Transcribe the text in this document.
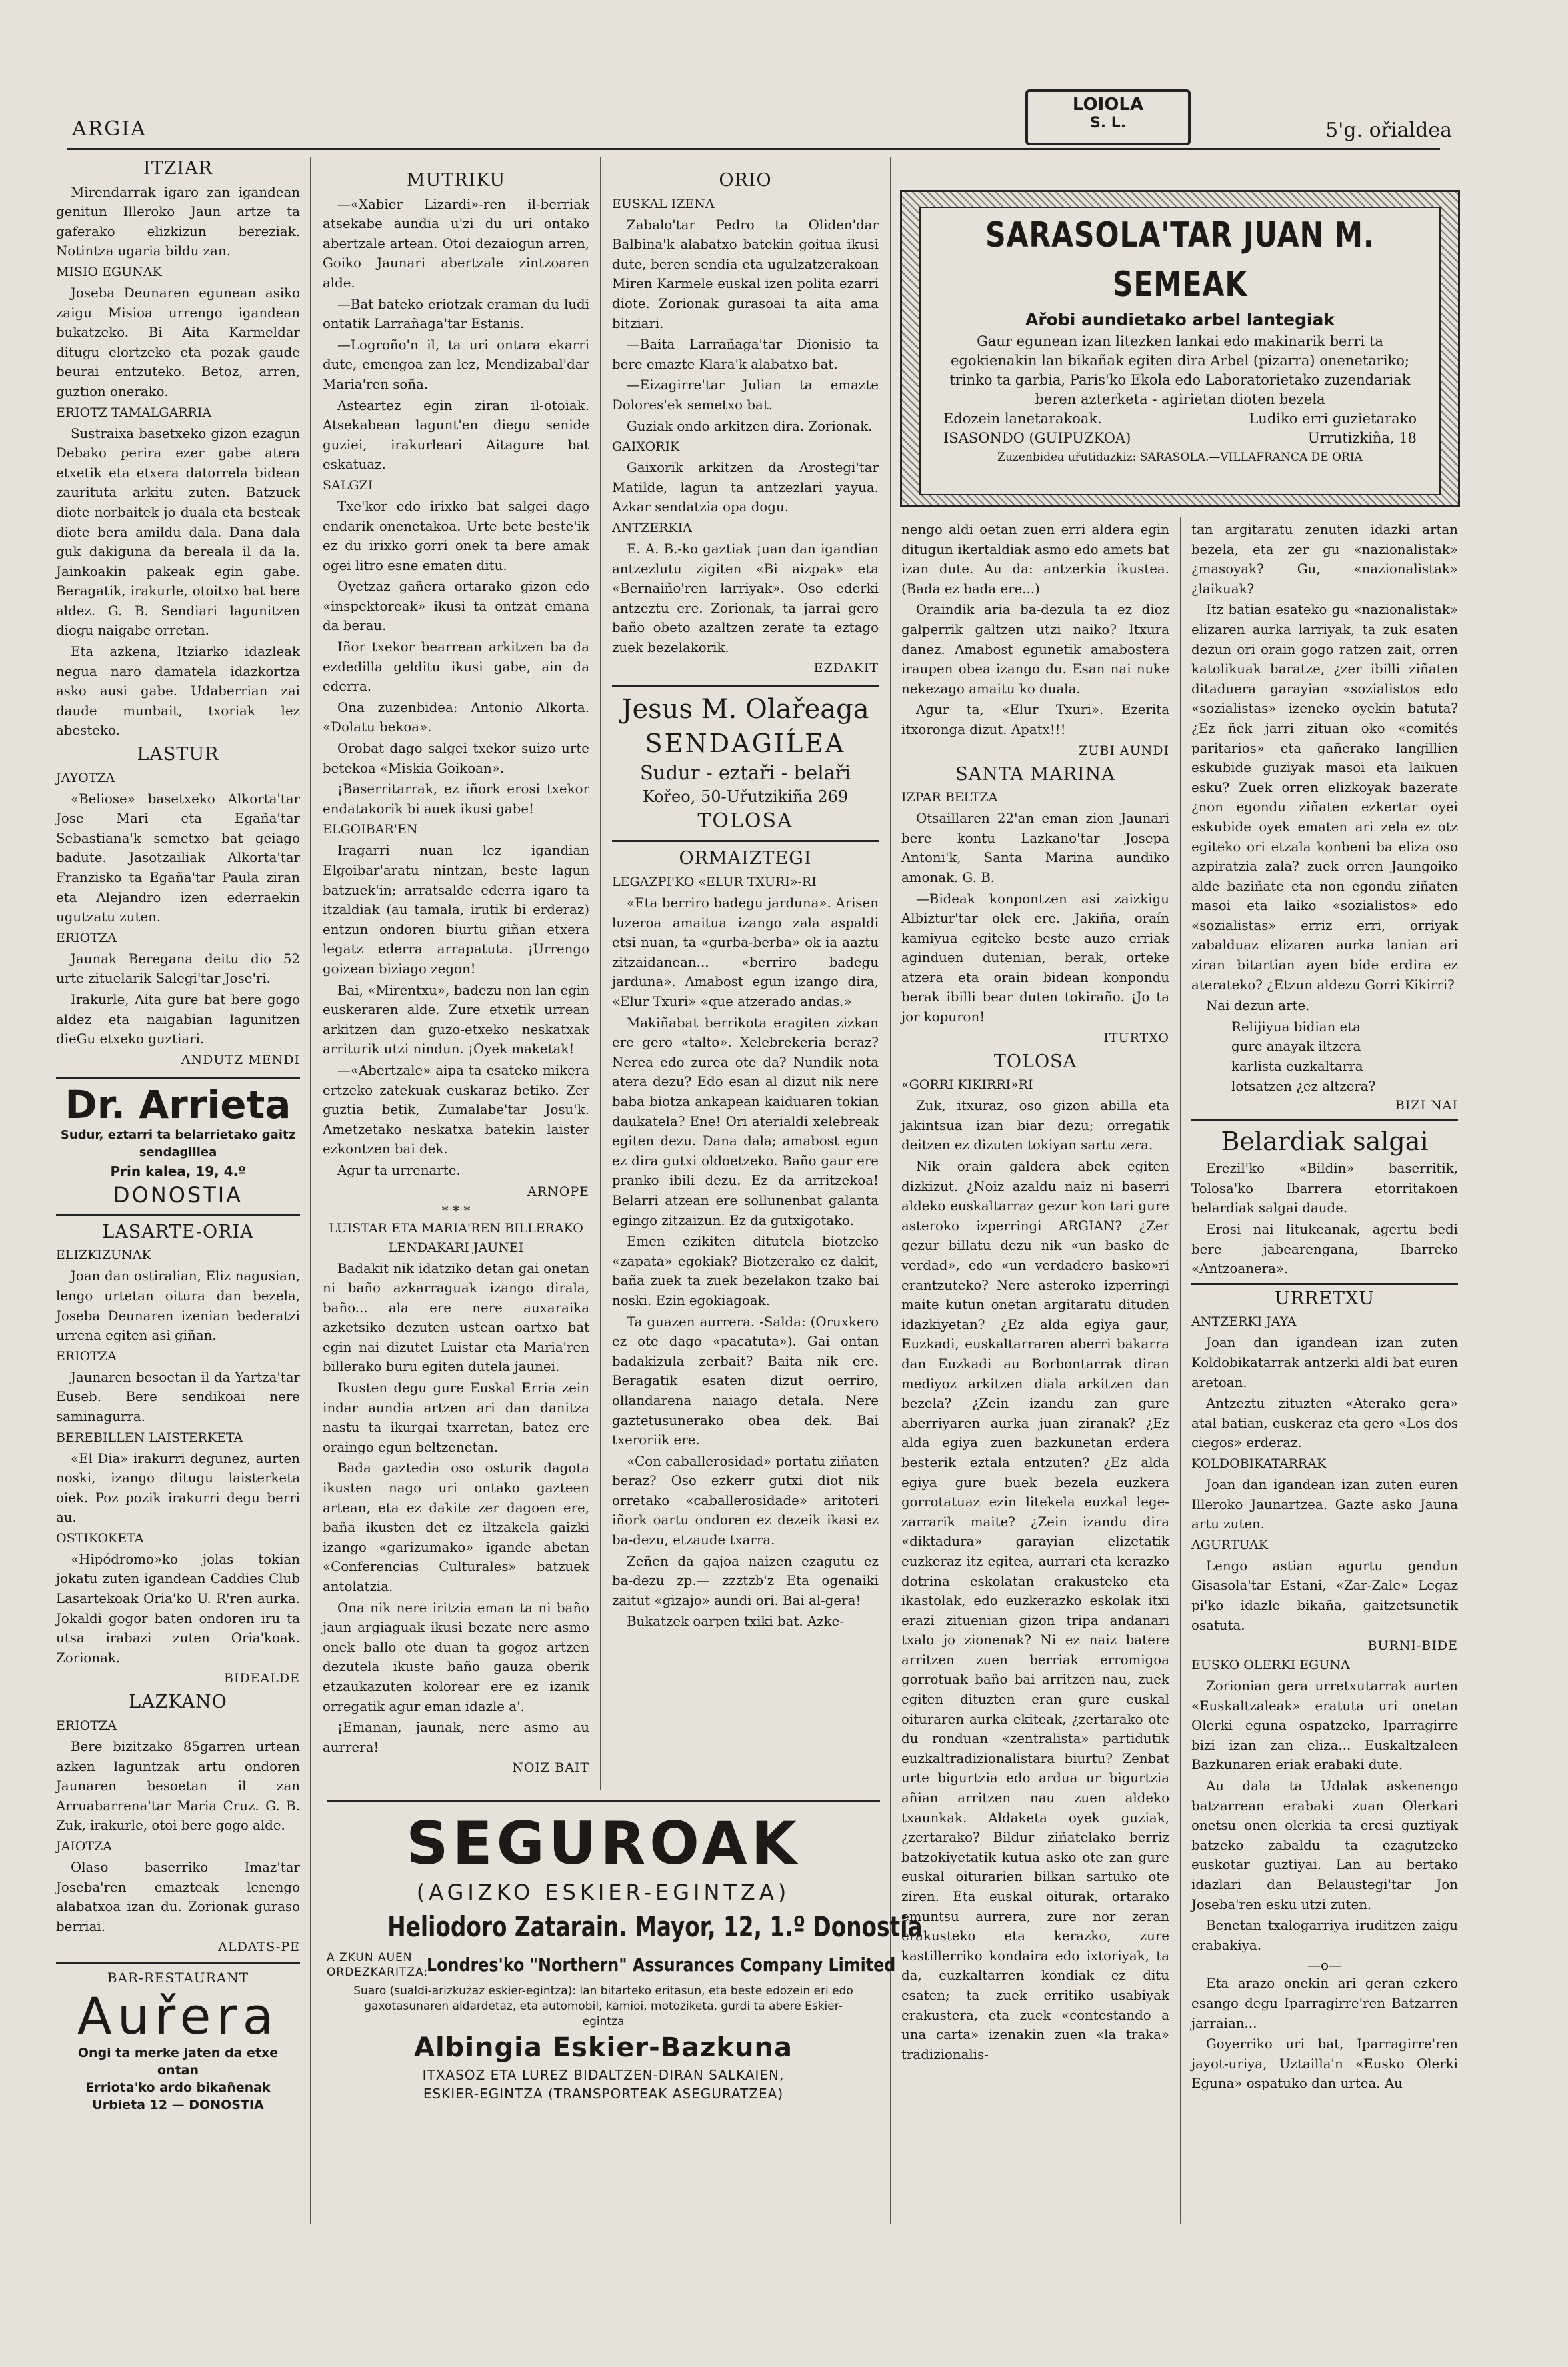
ARGIA
LOIOLA
S. L.	5'g. ořialdea
ITZIAR

Mirendarrak igaro zan igandean genitun Illeroko Jaun artze ta gaferako elizkizun bereziak. Notintza ugaria bildu zan.

MISIO EGUNAK

Joseba Deunaren egunean asiko zaigu Misioa urrengo igandean bukatzeko. Bi Aita Karmeldar ditugu elortzeko eta pozak gaude beurai entzuteko. Betoz, arren, guztion onerako.

ERIOTZ TAMALGARRIA

Sustraixa basetxeko gizon ezagun Debako perira ezer gabe atera etxetik eta etxera datorrela bidean zaurituta arkitu zuten. Batzuek diote norbaitek jo duala eta besteak diote bera amildu dala. Dana dala guk dakiguna da bereala il da la. Jainkoakin pakeak egin gabe. Beragatik, irakurle, otoitxo bat bere aldez. G. B. Sendiari lagunitzen diogu naigabe orretan.

Eta azkena, Itziarko idazleak negua naro damatela idazkortza asko ausi gabe. Udaberrian zai daude munbait, txoriak lez abesteko.

LASTUR

JAYOTZA

«Beliose» basetxeko Alkorta'tar Jose Mari eta Egaña'tar Sebastiana'k semetxo bat geiago badute. Jasotzailiak Alkorta'tar Franzisko ta Egaña'tar Paula ziran eta Alejandro izen ederraekin ugutzatu zuten.

ERIOTZA

Jaunak Beregana deitu dio 52 urte zituelarik Salegi'tar Jose'ri.

Irakurle, Aita gure bat bere gogo aldez eta naigabian lagunitzen dieGu etxeko guztiari.

ANDUTZ MENDI
Dr. Arrieta
Sudur, eztarri ta belarrietako gaitz sendagillea
Prin kalea, 19, 4.º
DONOSTIA
LASARTE-ORIA

ELIZKIZUNAK

Joan dan ostiralian, Eliz nagusian, lengo urtetan oitura dan bezela, Joseba Deunaren izenian bederatzi urrena egiten asi giñan.

ERIOTZA

Jaunaren besoetan il da Yartza'tar Euseb. Bere sendikoai nere saminagurra.

BEREBILLEN LAISTERKETA

«El Dia» irakurri degunez, aurten noski, izango ditugu laisterketa oiek. Poz pozik irakurri degu berri au.

OSTIKOKETA

«Hipódromo»ko jolas tokian jokatu zuten igandean Caddies Club Lasartekoak Oria'ko U. R'ren aurka. Jokaldi gogor baten ondoren iru ta utsa irabazi zuten Oria'koak. Zorionak.

BIDEALDE
LAZKANO

ERIOTZA

Bere bizitzako 85garren urtean azken laguntzak artu ondoren Jaunaren besoetan il zan Arruabarrena'tar Maria Cruz. G. B. Zuk, irakurle, otoi bere gogo alde.

JAIOTZA

Olaso baserriko Imaz'tar Joseba'ren emazteak lenengo alabatxoa izan du. Zorionak guraso berriai.

ALDATS-PE
BAR-RESTAURANT
Auřera
Ongi ta merke jaten da etxe ontan
Erriota'ko ardo bikañenak
Urbieta 12 — DONOSTIA
MUTRIKU

—«Xabier Lizardi»-ren il-berriak atsekabe aundia u'zi du uri ontako abertzale artean. Otoi dezaiogun arren, Goiko Jaunari abertzale zintzoaren alde.

—Bat bateko eriotzak eraman du ludi ontatik Larrañaga'tar Estanis.

—Logroño'n il, ta uri ontara ekarri dute, emengoa zan lez, Mendizabal'dar Maria'ren soña.

Asteartez egin ziran il-otoiak. Atsekabean lagunt'en diegu senide guziei, irakurleari Aitagure bat eskatuaz.

SALGZI

Txe'kor edo irixko bat salgei dago endarik onenetakoa. Urte bete beste'ik ez du irixko gorri onek ta bere amak ogei litro esne ematen ditu.

Oyetzaz gañera ortarako gizon edo «inspektoreak» ikusi ta ontzat emana da berau.

Iñor txekor bearrean arkitzen ba da ezdedilla gelditu ikusi gabe, ain da ederra.

Ona zuzenbidea: Antonio Alkorta. «Dolatu bekoa».

Orobat dago salgei txekor suizo urte betekoa «Miskia Goikoan».

¡Baserritarrak, ez iñork erosi txekor endatakorik bi auek ikusi gabe!

ELGOIBAR'EN

Iragarri nuan lez igandian Elgoibar'aratu nintzan, beste lagun batzuek'in; arratsalde ederra igaro ta itzaldiak (au tamala, irutik bi erderaz) entzun ondoren biurtu giñan etxera legatz ederra arrapatuta. ¡Urrengo goizean biziago zegon!

Bai, «Mirentxu», badezu non lan egin euskeraren alde. Zure etxetik urrean arkitzen dan guzo-etxeko neskatxak arriturik utzi nindun. ¡Oyek maketak!

—«Abertzale» aipa ta esateko mikera ertzeko zatekuak euskaraz betiko. Zer guztia betik, Zumalabe'tar Josu'k. Ametzetako neskatxa batekin laister ezkontzen bai dek.

Agur ta urrenarte.

ARNOPE
* * *

LUISTAR ETA MARIA'REN BILLERAKO LENDAKARI JAUNEI

Badakit nik idatziko detan gai onetan ni baño azkarraguak izango dirala, baño... ala ere nere auxaraika azketsiko dezuten ustean oartxo bat egin nai dizutet Luistar eta Maria'ren billerako buru egiten dutela jaunei.

Ikusten degu gure Euskal Erria zein indar aundia artzen ari dan danitza nastu ta ikurgai txarretan, batez ere oraingo egun beltzenetan.

Bada gaztedia oso osturik dagota ikusten nago uri ontako gazteen artean, eta ez dakite zer dagoen ere, baña ikusten det ez iltzakela gaizki izango «garizumako» igande abetan «Conferencias Culturales» batzuek antolatzia.

Ona nik nere iritzia eman ta ni baño jaun argiaguak ikusi bezate nere asmo onek ballo ote duan ta gogoz artzen dezutela ikuste baño gauza oberik etzaukazuten kolorear ere ez izanik orregatik agur eman idazle a'.

¡Emanan, jaunak, nere asmo au aurrera!

NOIZ BAIT
ORIO

EUSKAL IZENA

Zabalo'tar Pedro ta Oliden'dar Balbina'k alabatxo batekin goitua ikusi dute, beren sendia eta ugulzatzerakoan Miren Karmele euskal izen polita ezarri diote. Zorionak gurasoai ta aita ama bitziari.

—Baita Larrañaga'tar Dionisio ta bere emazte Klara'k alabatxo bat.

—Eizagirre'tar Julian ta emazte Dolores'ek semetxo bat.

Guziak ondo arkitzen dira. Zorionak.

GAIXORIK

Gaixorik arkitzen da Arostegi'tar Matilde, lagun ta antzezlari yayua. Azkar sendatzia opa dogu.

ANTZERKIA

E. A. B.-ko gaztiak ¡uan dan igandian antzezlutu zigiten «Bi aizpak» eta «Bernaiño'ren larriyak». Oso ederki antzeztu ere. Zorionak, ta jarrai gero baño obeto azaltzen zerate ta eztago zuek bezelakorik.

EZDAKIT
Jesus M. Olařeaga
SENDAGIĹEA
Sudur - eztaři - belaři
Kořeo, 50-Uřutzikiña 269
TOLOSA
ORMAIZTEGI

LEGAZPI'KO «ELUR TXURI»-RI

«Eta berriro badegu jarduna». Arisen luzeroa amaitua izango zala aspaldi etsi nuan, ta «gurba-berba» ok ia aaztu zitzaidanean... «berriro badegu jarduna». Amabost egun izango dira, «Elur Txuri» «que atzerado andas.»

Makiñabat berrikota eragiten zizkan ere gero «talto». Xelebrekeria beraz? Nerea edo zurea ote da? Nundik nota atera dezu? Edo esan al dizut nik nere baba biotza ankapean kaiduaren tokian daukatela? Ene! Ori aterialdi xelebreak egiten dezu. Dana dala; amabost egun ez dira gutxi oldoetzeko. Baño gaur ere pranko ibili dezu. Ez da arritzekoa! Belarri atzean ere sollunenbat galanta egingo zitzaizun. Ez da gutxigotako.

Emen ezikiten ditutela biotzeko «zapata» egokiak? Biotzerako ez dakit, baña zuek ta zuek bezelakon tzako bai noski. Ezin egokiagoak.

Ta guazen aurrera. -Salda: (Oruxkero ez ote dago «pacatuta»). Gai ontan badakizula zerbait? Baita nik ere. Beragatik esaten dizut oerriro, ollandarena naiago detala. Nere gaztetusunerako obea dek. Bai txeroriik ere.

«Con caballerosidad» portatu ziñaten beraz? Oso ezkerr gutxi diot nik orretako «caballerosidade» aritoteri iñork oartu ondoren ez dezeik ikasi ez ba-dezu, etzaude txarra.

Zeñen da gajoa naizen ezagutu ez ba-dezu zp.— zzztzb'z Eta ogenaiki zaitut «gizajo» aundi ori. Bai al-gera!

Bukatzek oarpen txiki bat. Azke-

SARASOLA'TAR JUAN M. SEMEAK
Ařobi aundietako arbel lantegiak
Gaur egunean izan litezken lankai edo makinarik berri ta egokienakin lan bikañak egiten dira Arbel (pizarra) onenetariko; trinko ta garbia, Paris'ko Ekola edo Laboratorietako zuzendariak beren azterketa - agirietan dioten bezela
Edozein lanetarakoak.	Ludiko erri guzietarako
ISASONDO (GUIPUZKOA)	Urrutizkiña, 18
Zuzenbidea uřutidazkiz: SARASOLA.—VILLAFRANCA DE ORIA

nengo aldi oetan zuen erri aldera egin ditugun ikertaldiak asmo edo amets bat izan dute. Au da: antzerkia ikustea. (Bada ez bada ere...)

Oraindik aria ba-dezula ta ez dioz galperrik galtzen utzi naiko? Itxura danez. Amabost egunetik amabostera iraupen obea izango du. Esan nai nuke nekezago amaitu ko duala.

Agur ta, «Elur Txuri». Ezerita itxoronga dizut. Apatx!!!

ZUBI AUNDI
SANTA MARINA

IZPAR BELTZA

Otsaillaren 22'an eman zion Jaunari bere kontu Lazkano'tar Josepa Antoni'k, Santa Marina aundiko amonak. G. B.

—Bideak konpontzen asi zaizkigu Albiztur'tar olek ere. Jakiña, oraín kamiyua egiteko beste auzo erriak aginduen dutenian, berak, orteke atzera eta orain bidean konpondu berak ibilli bear duten tokiraño. ¡Jo ta jor kopuron!

ITURTXO
TOLOSA

«GORRI KIKIRRI»RI

Zuk, itxuraz, oso gizon abilla eta jakintsua izan biar dezu; orregatik deitzen ez dizuten tokiyan sartu zera.

Nik orain galdera abek egiten dizkizut. ¿Noiz azaldu naiz ni baserri aldeko euskaltarraz gezur kon tari gure asteroko izperringi ARGIAN? ¿Zer gezur billatu dezu nik «un basko de verdad», edo «un verdadero basko»ri erantzuteko? Nere asteroko izperringi maite kutun onetan argitaratu dituden idazkiyetan? ¿Ez alda egiya gaur, Euzkadi, euskaltarraren aberri bakarra dan Euzkadi au Borbontarrak diran mediyoz arkitzen diala arkitzen dan bezela? ¿Zein izandu zan gure aberriyaren aurka juan ziranak? ¿Ez alda egiya zuen bazkunetan erdera besterik eztala entzuten? ¿Ez alda egiya gure buek bezela euzkera gorrotatuaz ezin litekela euzkal lege-zarrarik maite? ¿Zein izandu dira «diktadura» garayian elizetatik euzkeraz itz egitea, aurrari eta kerazko dotrina eskolatan erakusteko eta ikastolak, edo euzkerazko eskolak itxi erazi zituenian gizon tripa andanari txalo jo zionenak? Ni ez naiz batere arritzen zuen berriak erromigoa gorrotuak baño bai arritzen nau, zuek egiten dituzten eran gure euskal oituraren aurka ekiteak, ¿zertarako ote du ronduan «zentralista» partidutik euzkaltradizionalistara biurtu? Zenbat urte bigurtzia edo ardua ur bigurtzia añian arritzen nau zuen aldeko txaunkak. Aldaketa oyek guziak, ¿zertarako? Bildur ziñatelako berriz batzokiyetatik kutua asko ote zan gure euskal oiturarien bilkan sartuko ote ziren. Eta euskal oiturak, ortarako emuntsu aurrera, zure nor zeran erakusteko eta kerazko, zure kastillerriko kondaira edo ixtoriyak, ta da, euzkaltarren kondiak ez ditu esaten; ta zuek erritiko usabiyak erakustera, eta zuek «contestando a una carta» izenakin zuen «la traka» tradizionalis-

tan argitaratu zenuten idazki artan bezela, eta zer gu «nazionalistak» ¿masoyak? Gu, «nazionalistak» ¿laikuak?

Itz batian esateko gu «nazionalistak» elizaren aurka larriyak, ta zuk esaten dezun ori orain gogo ratzen zait, orren katolikuak baratze, ¿zer ibilli ziñaten ditaduera garayian «sozialistos edo «sozialistas» izeneko oyekin batuta? ¿Ez ñek jarri zituan oko «comités paritarios» eta gañerako langillien eskubide guziyak masoi eta laikuen esku? Zuek orren elizkoyak bazerate ¿non egondu ziñaten ezkertar oyei eskubide oyek ematen ari zela ez otz egiteko ori etzala konbeni ba eliza oso azpiratzia zala? zuek orren Jaungoiko alde baziñate eta non egondu ziñaten masoi eta laiko «sozialistos» edo «sozialistas» erriz erri, orriyak zabalduaz elizaren aurka lanian ari ziran bitartian ayen bide erdira ez aterateko? ¿Etzun aldezu Gorri Kikirri?

Nai dezun arte.

Relijiyua bidian eta
gure anayak iltzera
karlista euzkaltarra
lotsatzen ¿ez altzera?
BIZI NAI
Belardiak salgai

Erezil'ko «Bildin» baserritik, Tolosa'ko Ibarrera etorritakoen belardiak salgai daude.

Erosi nai litukeanak, agertu bedi bere jabearengana, Ibarreko «Antzoanera».

URRETXU

ANTZERKI JAYA

Joan dan igandean izan zuten Koldobikatarrak antzerki aldi bat euren aretoan.

Antzeztu zituzten «Aterako gera» atal batian, euskeraz eta gero «Los dos ciegos» erderaz.

KOLDOBIKATARRAK

Joan dan igandean izan zuten euren Illeroko Jaunartzea. Gazte asko Jauna artu zuten.

AGURTUAK

Lengo astian agurtu gendun Gisasola'tar Estani, «Zar-Zale» Legaz pi'ko idazle bikaña, gaitzetsunetik osatuta.

BURNI-BIDE

EUSKO OLERKI EGUNA

Zorionian gera urretxutarrak aurten «Euskaltzaleak» eratuta uri onetan Olerki eguna ospatzeko, Iparragirre bizi izan zan eliza... Euskaltzaleen Bazkunaren eriak erabaki dute.

Au dala ta Udalak askenengo batzarrean erabaki zuan Olerkari onetsu onen olerkia ta eresi guztiyak batzeko zabaldu ta ezagutzeko euskotar guztiyai. Lan au bertako idazlari dan Belaustegi'tar Jon Joseba'ren esku utzi zuten.

Benetan txalogarriya iruditzen zaigu erabakiya.

—o—

Eta arazo onekin ari geran ezkero esango degu Iparragirre'ren Batzarren jarraian...

Goyerriko uri bat, Iparragirre'ren jayot-uriya, Uztailla'n «Eusko Olerki Eguna» ospatuko dan urtea. Au

SEGUROAK
(AGIZKO ESKIER-EGINTZA)
Heliodoro Zatarain. Mayor, 12, 1.º Donostia
A ZKUN AUEN
ORDEZKARITZA:
Londres'ko "Northern" Assurances Company Limited
Suaro (sualdi-arizkuzaz eskier-egintza): lan bitarteko eritasun, eta beste edozein eri edo gaxotasunaren aldardetaz, eta automobil, kamioi, motoziketa, gurdi ta abere Eskier-egintza
Albingia Eskier-Bazkuna
ITXASOZ ETA LUREZ BIDALTZEN-DIRAN SALKAIEN,
ESKIER-EGINTZA (TRANSPORTEAK ASEGURATZEA)
